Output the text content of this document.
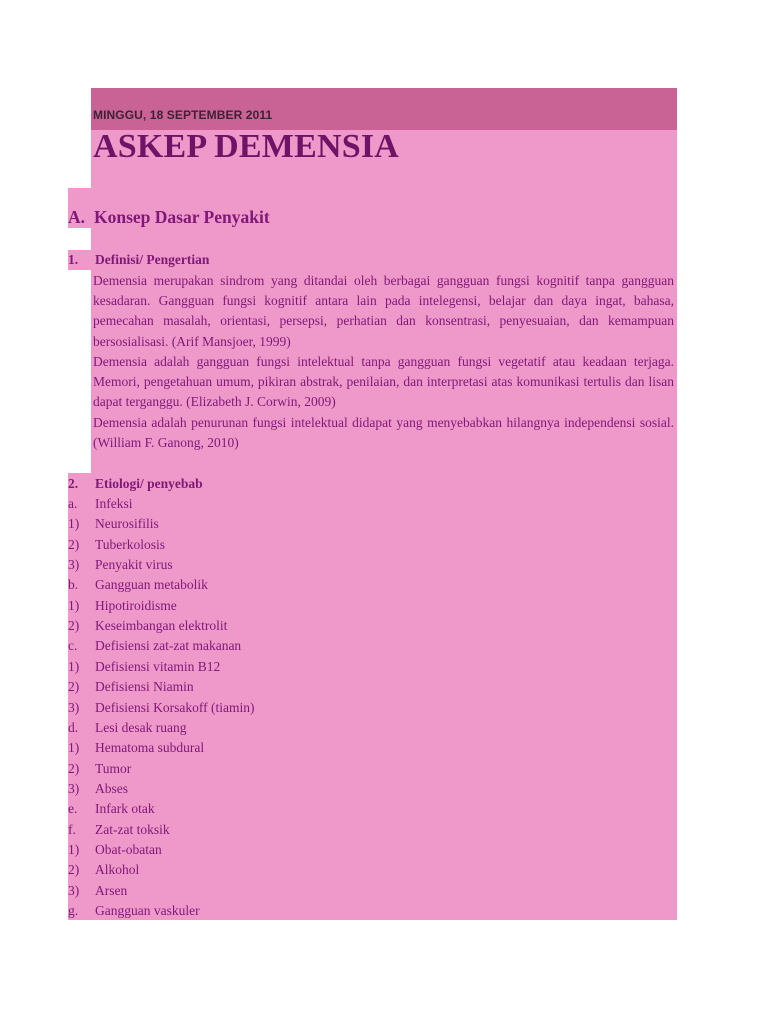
MINGGU, 18 SEPTEMBER 2011
ASKEP DEMENSIA
A. Konsep Dasar Penyakit
1. Definisi/ Pengertian
Demensia merupakan sindrom yang ditandai oleh berbagai gangguan fungsi kognitif tanpa gangguan kesadaran. Gangguan fungsi kognitif antara lain pada intelegensi, belajar dan daya ingat, bahasa, pemecahan masalah, orientasi, persepsi, perhatian dan konsentrasi, penyesuaian, dan kemampuan bersosialisasi. (Arif Mansjoer, 1999)
Demensia adalah gangguan fungsi intelektual tanpa gangguan fungsi vegetatif atau keadaan terjaga. Memori, pengetahuan umum, pikiran abstrak, penilaian, dan interpretasi atas komunikasi tertulis dan lisan dapat terganggu. (Elizabeth J. Corwin, 2009)
Demensia adalah penurunan fungsi intelektual didapat yang menyebabkan hilangnya independensi sosial. (William F. Ganong, 2010)
2. Etiologi/ penyebab
a. Infeksi
1) Neurosifilis
2) Tuberkolosis
3) Penyakit virus
b. Gangguan metabolik
1) Hipotiroidisme
2) Keseimbangan elektrolit
c. Defisiensi zat-zat makanan
1) Defisiensi vitamin B12
2) Defisiensi Niamin
3) Defisiensi Korsakoff (tiamin)
d. Lesi desak ruang
1) Hematoma subdural
2) Tumor
3) Abses
e. Infark otak
f. Zat-zat toksik
1) Obat-obatan
2) Alkohol
3) Arsen
g. Gangguan vaskuler
